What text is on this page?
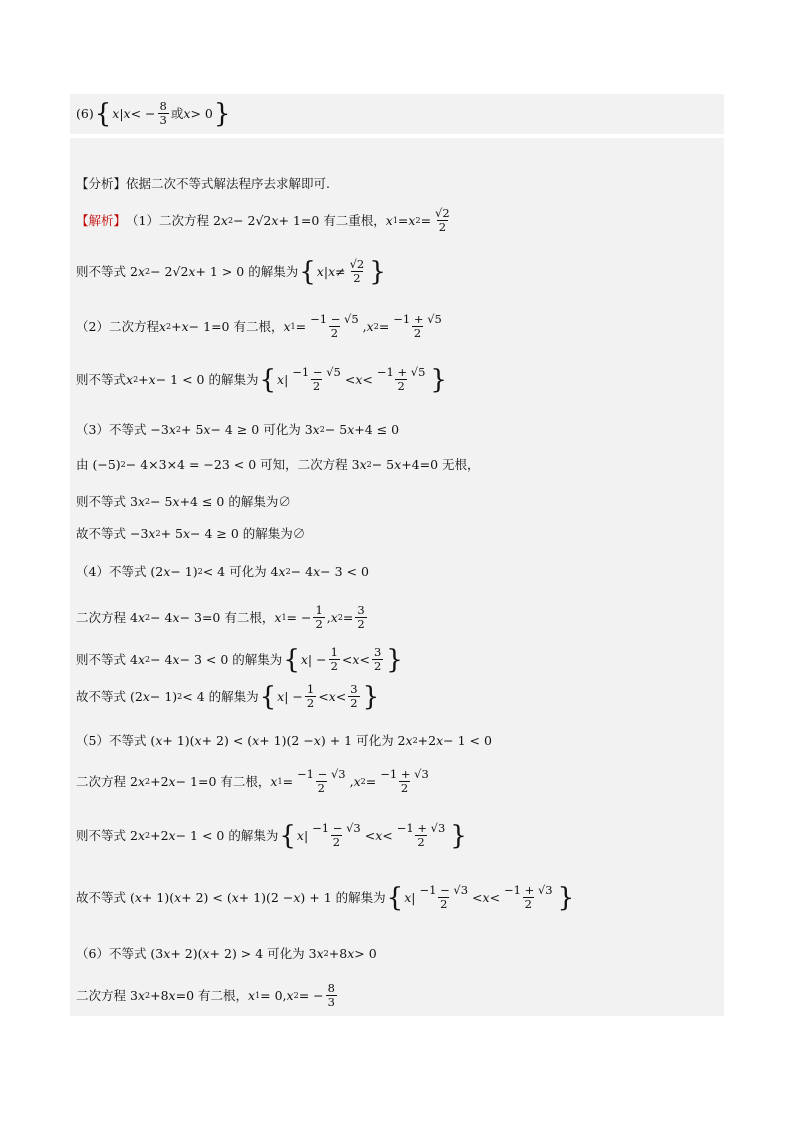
(6) { x | x < − $\frac{8}{3}$ 或 x > 0 }
【分析】 依据二次不等式解法程序去求解即可.
【解析】 （1）二次方程 2 x 2 − 2√2 x + 1=0 有二重根， x 1 = x $2 = \frac{√2}{2}$
则不等式 2 x 2 − 2√2 x + 1 > 0 的解集为 { x | $x \ne \frac{√2}{2}$ }
（2）二次方程 x 2 + x − 1=0 有二根， x $1 = \frac{-1 - √5}{2}$ , x $2 = \frac{-1 + √5}{2}$
则不等式 x 2 + x − 1 < 0 的解集为 { x | $\frac{-1 - √5}{2} < x < \frac{-1 + √5}{2}$ }
（3）不等式 −3 x 2 + 5 x − 4 ≥ 0 可化为 3 x 2 − 5 x +4 ≤ 0
由 (−5) 2 − 4×3×4 = −23 < 0 可知，二次方程 3 x 2 − 5 x +4=0 无根，
则不等式 3 x 2 − 5 x +4 ≤ 0 的解集为∅
故不等式 −3 x 2 + 5 x − 4 ≥ 0 的解集为∅
（4）不等式 (2 x − 1) 2 < 4 可化为 4 x 2 − 4 x − 3 < 0
二次方程 4 x 2 − 4 x − 3=0 有二根， x 1 = − $\frac{1}{2}$ , x $2 = \frac{3}{2}$
则不等式 4 x 2 − 4 x − 3 < 0 的解集为 { x | − $\frac{1}{2} < x < \frac{3}{2}$ }
故不等式 (2 x − 1) 2 < 4 的解集为 { x | − $\frac{1}{2} < x < \frac{3}{2}$ }
（5）不等式 ( x + 1)( x + 2) < ( x + 1)(2 − x ) + 1 可化为 2 x 2 +2 x − 1 < 0
二次方程 2 x 2 +2 x − 1=0 有二根， x $1 = \frac{-1 - √3}{2}$ , x $2 = \frac{-1 + √3}{2}$
则不等式 2 x 2 +2 x − 1 < 0 的解集为 { x | $\frac{-1 - √3}{2} < x < \frac{-1 + √3}{2}$ }
故不等式 ( x + 1)( x + 2) < ( x + 1)(2 − x ) + 1 的解集为 { x | $\frac{-1 - √3}{2} < x < \frac{-1 + √3}{2}$ }
（6）不等式 (3 x + 2)( x + 2) > 4 可化为 3 x 2 +8 x > 0
二次方程 3 x 2 +8 x =0 有二根， x 1 = 0, x 2 = − $\frac{8}{3}$
